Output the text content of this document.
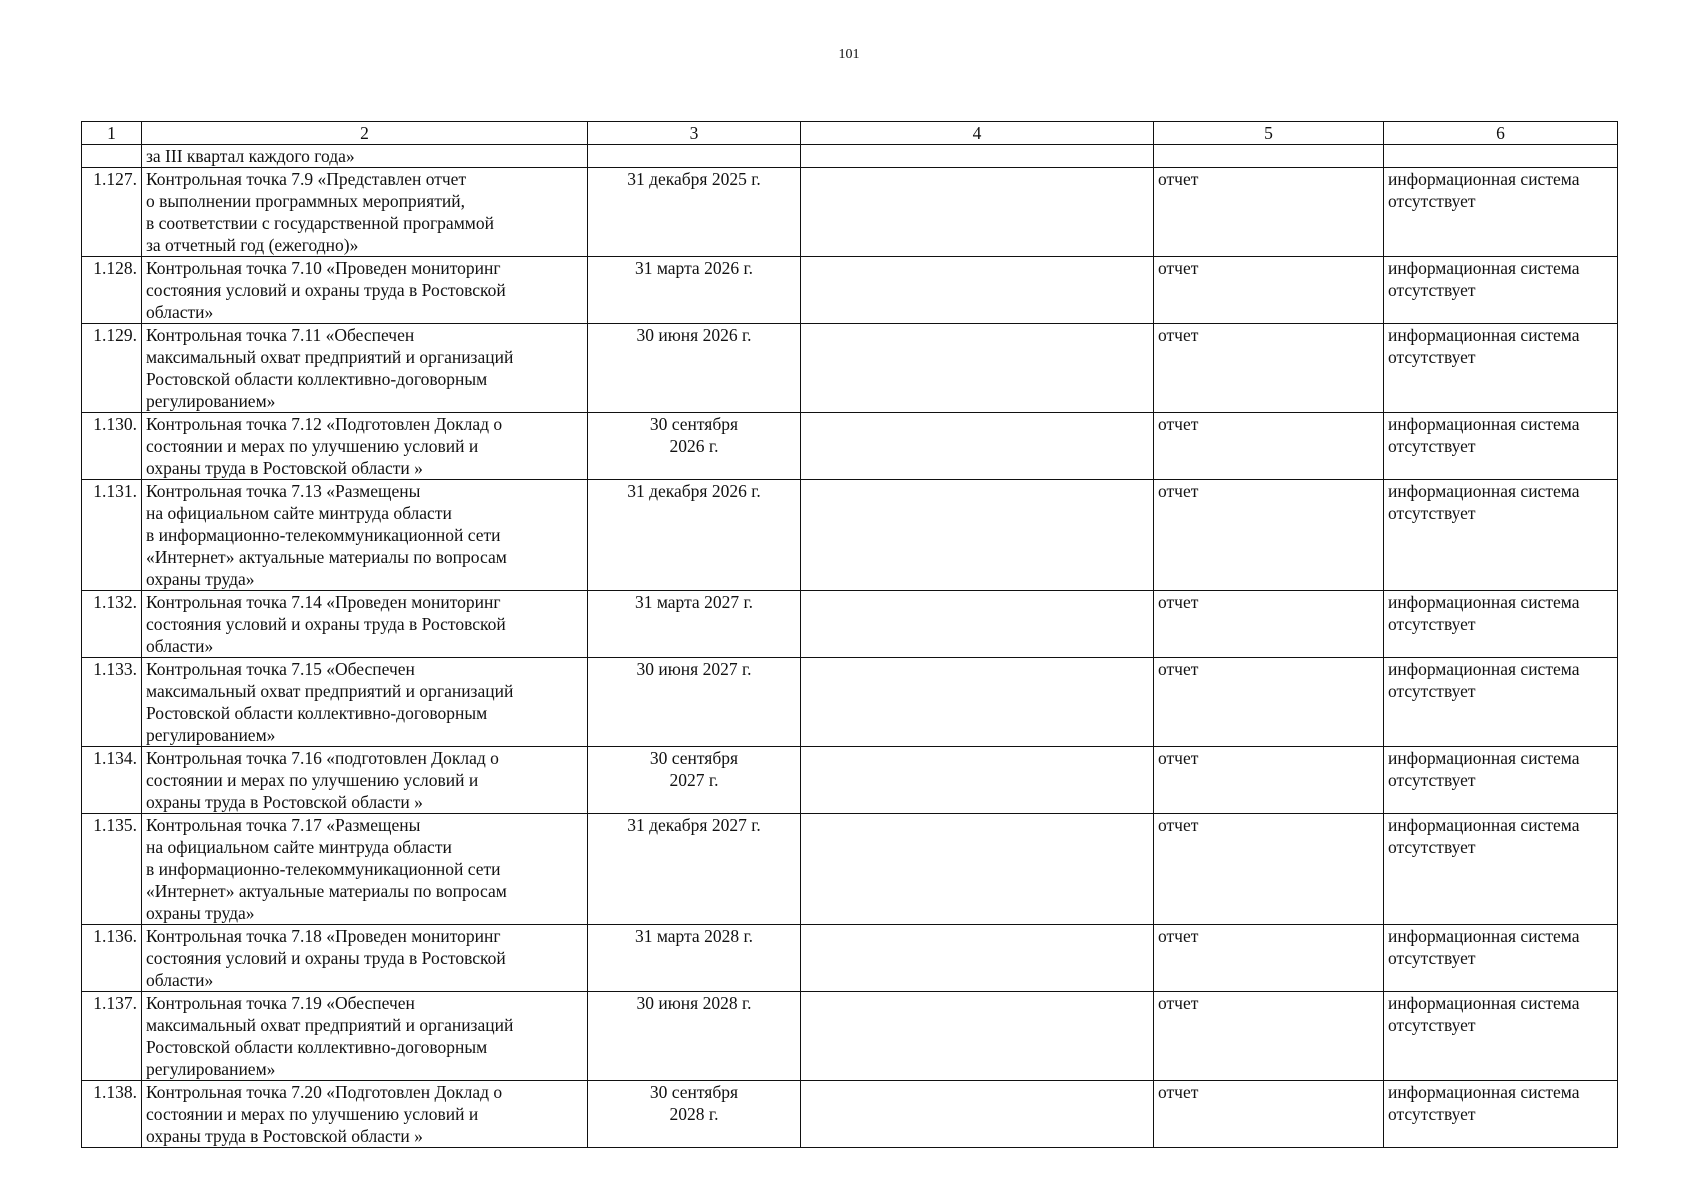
101
1	2	3	4	5	6
	за III квартал каждого года»				
1.127.	Контрольная точка 7.9 «Представлен отчет
о выполнении программных мероприятий,
в соответствии с государственной программой
за отчетный год (ежегодно)»	31 декабря 2025 г.		отчет	информационная система
отсутствует
1.128.	Контрольная точка 7.10 «Проведен мониторинг
состояния условий и охраны труда в Ростовской
области»	31 марта 2026 г.		отчет	информационная система
отсутствует
1.129.	Контрольная точка 7.11 «Обеспечен
максимальный охват предприятий и организаций
Ростовской области коллективно-договорным
регулированием»	30 июня 2026 г.		отчет	информационная система
отсутствует
1.130.	Контрольная точка 7.12 «Подготовлен Доклад о
состоянии и мерах по улучшению условий и
охраны труда в Ростовской области »	30 сентября
2026 г.		отчет	информационная система
отсутствует
1.131.	Контрольная точка 7.13 «Размещены
на официальном сайте минтруда области
в информационно-телекоммуникационной сети
«Интернет» актуальные материалы по вопросам
охраны труда»	31 декабря 2026 г.		отчет	информационная система
отсутствует
1.132.	Контрольная точка 7.14 «Проведен мониторинг
состояния условий и охраны труда в Ростовской
области»	31 марта 2027 г.		отчет	информационная система
отсутствует
1.133.	Контрольная точка 7.15 «Обеспечен
максимальный охват предприятий и организаций
Ростовской области коллективно-договорным
регулированием»	30 июня 2027 г.		отчет	информационная система
отсутствует
1.134.	Контрольная точка 7.16 «подготовлен Доклад о
состоянии и мерах по улучшению условий и
охраны труда в Ростовской области »	30 сентября
2027 г.		отчет	информационная система
отсутствует
1.135.	Контрольная точка 7.17 «Размещены
на официальном сайте минтруда области
в информационно-телекоммуникационной сети
«Интернет» актуальные материалы по вопросам
охраны труда»	31 декабря 2027 г.		отчет	информационная система
отсутствует
1.136.	Контрольная точка 7.18 «Проведен мониторинг
состояния условий и охраны труда в Ростовской
области»	31 марта 2028 г.		отчет	информационная система
отсутствует
1.137.	Контрольная точка 7.19 «Обеспечен
максимальный охват предприятий и организаций
Ростовской области коллективно-договорным
регулированием»	30 июня 2028 г.		отчет	информационная система
отсутствует
1.138.	Контрольная точка 7.20 «Подготовлен Доклад о
состоянии и мерах по улучшению условий и
охраны труда в Ростовской области »	30 сентября
2028 г.		отчет	информационная система
отсутствует
